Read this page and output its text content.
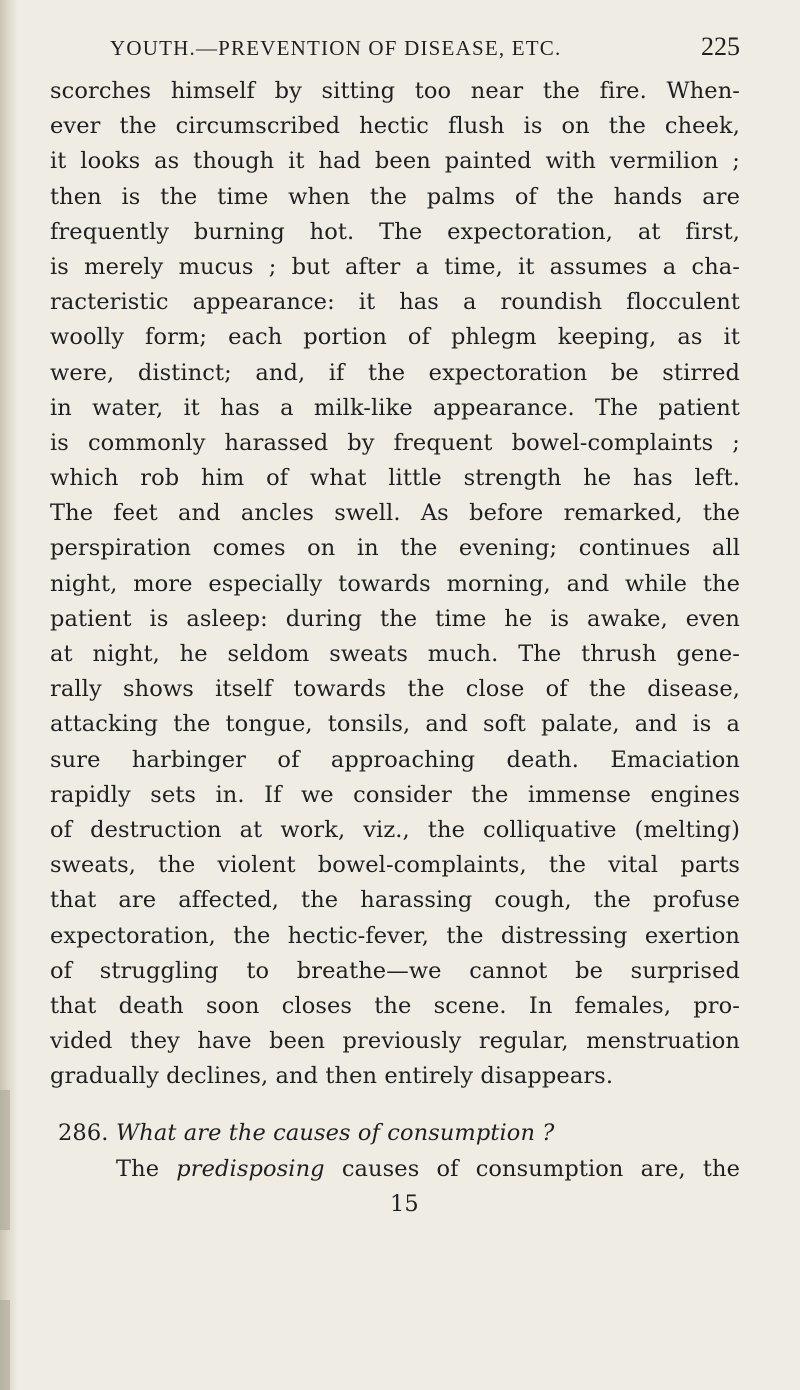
YOUTH.—PREVENTION OF DISEASE, ETC.	225
scorches himself by sitting too near the fire. When-
ever the circumscribed hectic flush is on the cheek,
it looks as though it had been painted with vermilion ;
then is the time when the palms of the hands are
frequently burning hot. The expectoration, at first,
is merely mucus ; but after a time, it assumes a cha-
racteristic appearance: it has a roundish flocculent
woolly form; each portion of phlegm keeping, as it
were, distinct; and, if the expectoration be stirred
in water, it has a milk-like appearance. The patient
is commonly harassed by frequent bowel-complaints ;
which rob him of what little strength he has left.
The feet and ancles swell. As before remarked, the
perspiration comes on in the evening; continues all
night, more especially towards morning, and while the
patient is asleep: during the time he is awake, even
at night, he seldom sweats much. The thrush gene-
rally shows itself towards the close of the disease,
attacking the tongue, tonsils, and soft palate, and is a
sure harbinger of approaching death. Emaciation
rapidly sets in. If we consider the immense engines
of destruction at work, viz., the colliquative (melting)
sweats, the violent bowel-complaints, the vital parts
that are affected, the harassing cough, the profuse
expectoration, the hectic-fever, the distressing exertion
of struggling to breathe—we cannot be surprised
that death soon closes the scene. In females, pro-
vided they have been previously regular, menstruation
gradually declines, and then entirely disappears.
286. What are the causes of consumption ?
The predisposing causes of consumption are, the
15
